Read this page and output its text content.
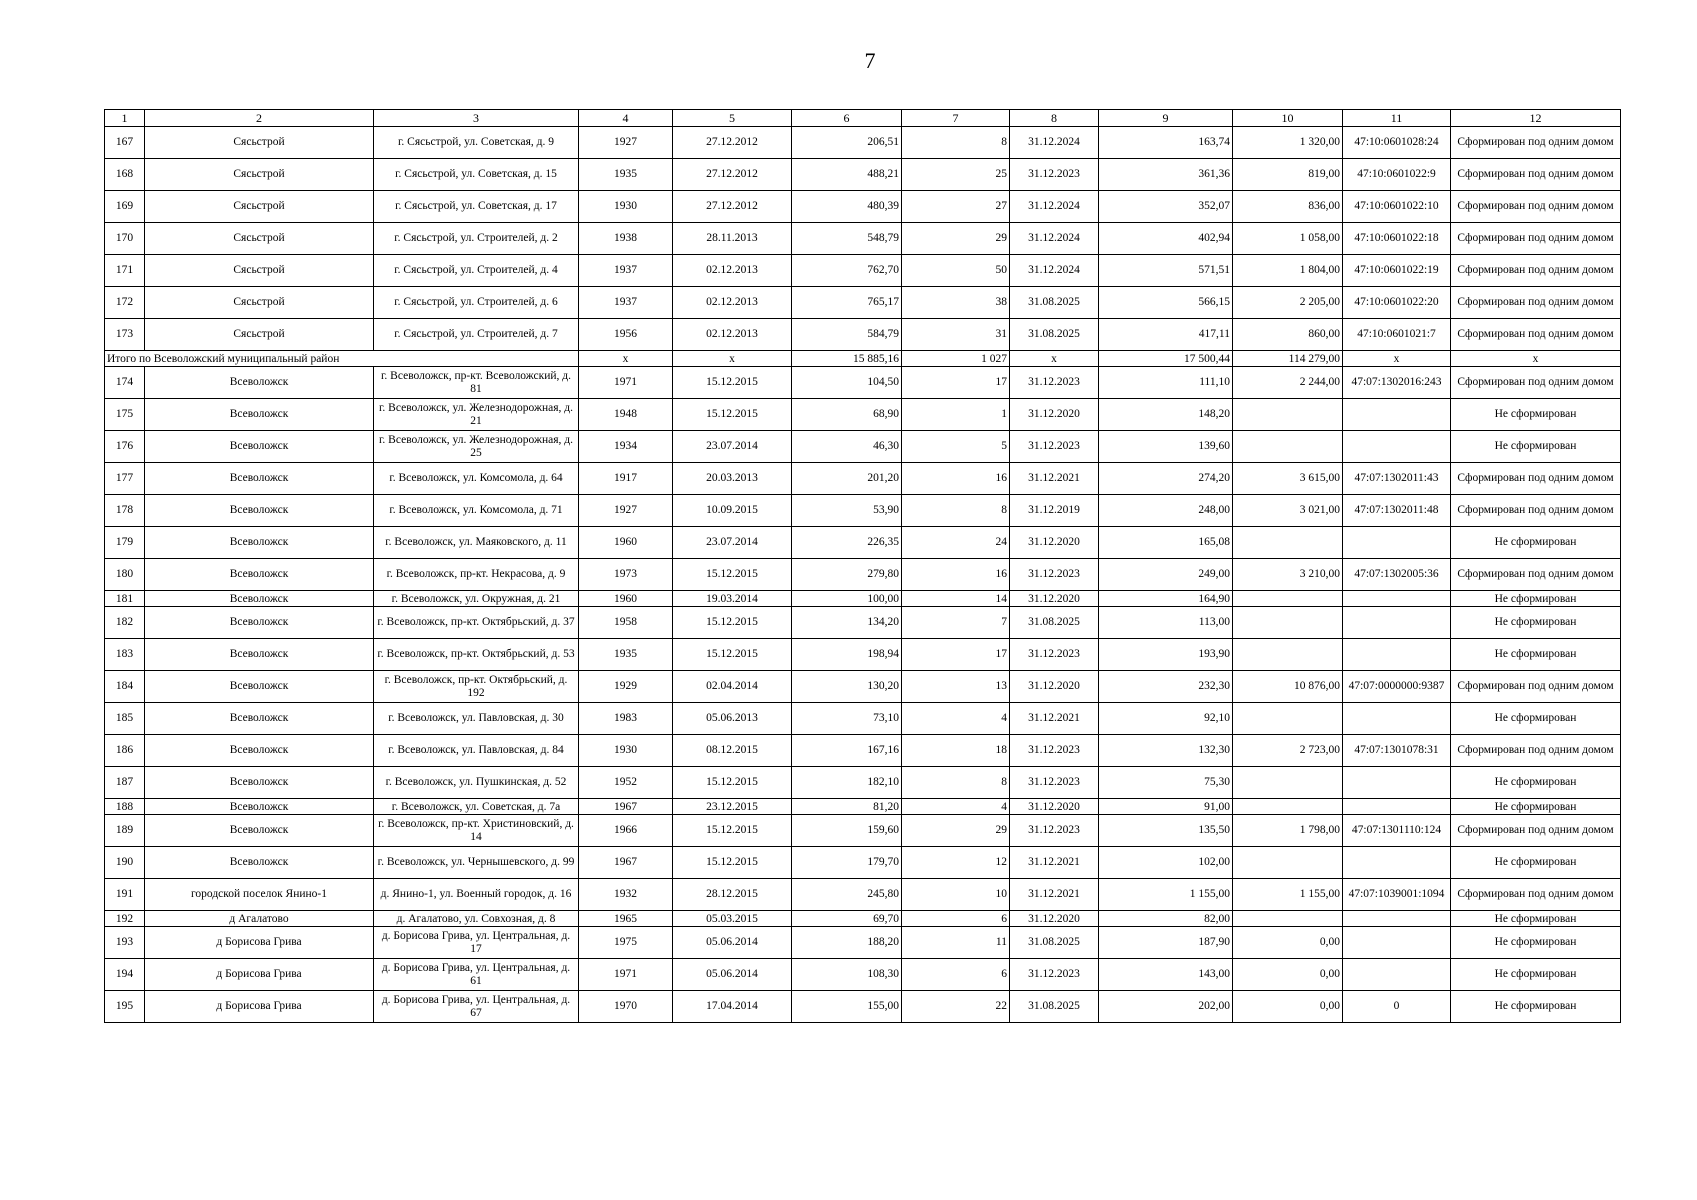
7
1	2	3	4	5	6	7	8	9	10	11	12
167	Сясьстрой	г. Сясьстрой, ул. Советская, д. 9	1927	27.12.2012	206,51	8	31.12.2024	163,74	1 320,00	47:10:0601028:24	Сформирован под одним домом
168	Сясьстрой	г. Сясьстрой, ул. Советская, д. 15	1935	27.12.2012	488,21	25	31.12.2023	361,36	819,00	47:10:0601022:9	Сформирован под одним домом
169	Сясьстрой	г. Сясьстрой, ул. Советская, д. 17	1930	27.12.2012	480,39	27	31.12.2024	352,07	836,00	47:10:0601022:10	Сформирован под одним домом
170	Сясьстрой	г. Сясьстрой, ул. Строителей, д. 2	1938	28.11.2013	548,79	29	31.12.2024	402,94	1 058,00	47:10:0601022:18	Сформирован под одним домом
171	Сясьстрой	г. Сясьстрой, ул. Строителей, д. 4	1937	02.12.2013	762,70	50	31.12.2024	571,51	1 804,00	47:10:0601022:19	Сформирован под одним домом
172	Сясьстрой	г. Сясьстрой, ул. Строителей, д. 6	1937	02.12.2013	765,17	38	31.08.2025	566,15	2 205,00	47:10:0601022:20	Сформирован под одним домом
173	Сясьстрой	г. Сясьстрой, ул. Строителей, д. 7	1956	02.12.2013	584,79	31	31.08.2025	417,11	860,00	47:10:0601021:7	Сформирован под одним домом
Итого по Всеволожский муниципальный район			x	x	15 885,16	1 027	x	17 500,44	114 279,00	x	x
174	Всеволожск	г. Всеволожск, пр-кт. Всеволожский, д. 81	1971	15.12.2015	104,50	17	31.12.2023	111,10	2 244,00	47:07:1302016:243	Сформирован под одним домом
175	Всеволожск	г. Всеволожск, ул. Железнодорожная, д. 21	1948	15.12.2015	68,90	1	31.12.2020	148,20			Не сформирован
176	Всеволожск	г. Всеволожск, ул. Железнодорожная, д. 25	1934	23.07.2014	46,30	5	31.12.2023	139,60			Не сформирован
177	Всеволожск	г. Всеволожск, ул. Комсомола, д. 64	1917	20.03.2013	201,20	16	31.12.2021	274,20	3 615,00	47:07:1302011:43	Сформирован под одним домом
178	Всеволожск	г. Всеволожск, ул. Комсомола, д. 71	1927	10.09.2015	53,90	8	31.12.2019	248,00	3 021,00	47:07:1302011:48	Сформирован под одним домом
179	Всеволожск	г. Всеволожск, ул. Маяковского, д. 11	1960	23.07.2014	226,35	24	31.12.2020	165,08			Не сформирован
180	Всеволожск	г. Всеволожск, пр-кт. Некрасова, д. 9	1973	15.12.2015	279,80	16	31.12.2023	249,00	3 210,00	47:07:1302005:36	Сформирован под одним домом
181	Всеволожск	г. Всеволожск, ул. Окружная, д. 21	1960	19.03.2014	100,00	14	31.12.2020	164,90			Не сформирован
182	Всеволожск	г. Всеволожск, пр-кт. Октябрьский, д. 37	1958	15.12.2015	134,20	7	31.08.2025	113,00			Не сформирован
183	Всеволожск	г. Всеволожск, пр-кт. Октябрьский, д. 53	1935	15.12.2015	198,94	17	31.12.2023	193,90			Не сформирован
184	Всеволожск	г. Всеволожск, пр-кт. Октябрьский, д. 192	1929	02.04.2014	130,20	13	31.12.2020	232,30	10 876,00	47:07:0000000:9387	Сформирован под одним домом
185	Всеволожск	г. Всеволожск, ул. Павловская, д. 30	1983	05.06.2013	73,10	4	31.12.2021	92,10			Не сформирован
186	Всеволожск	г. Всеволожск, ул. Павловская, д. 84	1930	08.12.2015	167,16	18	31.12.2023	132,30	2 723,00	47:07:1301078:31	Сформирован под одним домом
187	Всеволожск	г. Всеволожск, ул. Пушкинская, д. 52	1952	15.12.2015	182,10	8	31.12.2023	75,30			Не сформирован
188	Всеволожск	г. Всеволожск, ул. Советская, д. 7а	1967	23.12.2015	81,20	4	31.12.2020	91,00			Не сформирован
189	Всеволожск	г. Всеволожск, пр-кт. Христиновский, д. 14	1966	15.12.2015	159,60	29	31.12.2023	135,50	1 798,00	47:07:1301110:124	Сформирован под одним домом
190	Всеволожск	г. Всеволожск, ул. Чернышевского, д. 99	1967	15.12.2015	179,70	12	31.12.2021	102,00			Не сформирован
191	городской поселок Янино-1	д. Янино-1, ул. Военный городок, д. 16	1932	28.12.2015	245,80	10	31.12.2021	1 155,00	1 155,00	47:07:1039001:1094	Сформирован под одним домом
192	д Агалатово	д. Агалатово, ул. Совхозная, д. 8	1965	05.03.2015	69,70	6	31.12.2020	82,00			Не сформирован
193	д Борисова Грива	д. Борисова Грива, ул. Центральная, д. 17	1975	05.06.2014	188,20	11	31.08.2025	187,90	0,00		Не сформирован
194	д Борисова Грива	д. Борисова Грива, ул. Центральная, д. 61	1971	05.06.2014	108,30	6	31.12.2023	143,00	0,00		Не сформирован
195	д Борисова Грива	д. Борисова Грива, ул. Центральная, д. 67	1970	17.04.2014	155,00	22	31.08.2025	202,00	0,00	0	Не сформирован
